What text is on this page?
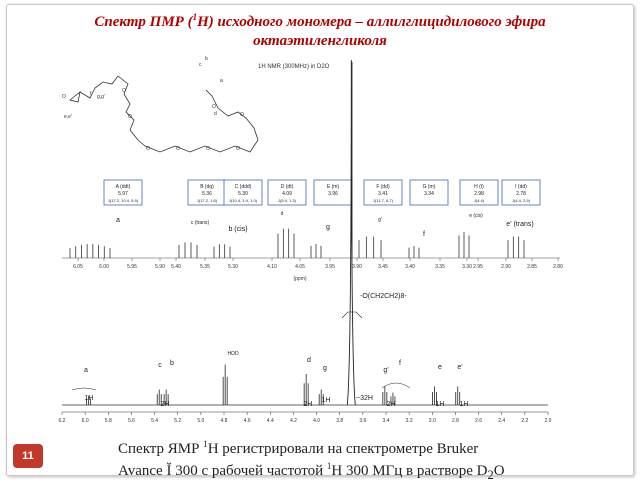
Спектр ПМР ($^1$Н) исходного мономера – аллилглицидилового эфира
октаэтиленгликоля
1H NMR (300MHz) in D2O
O	f g,g'
e,e'
b
c
a
d
O	O	O	O
O
O
O
O
A (ddt)
5.97
J(17.2, 10.4, 5.9)
B (dq)
5.36
J(17.2, 1.6)
C (ddd)
5.30
J(10.4, 1.9, 1.0)
D (dt)
4.09
J(5.9, 1.3)
E (m)
3.96
F (dd)
3.41
J(11.7, 6.7)
G (m)
3.34
H (t)
2.98
J(4.4)
I (dd)
2.78
J(4.4, 2.9)
6.05	6.00	5.95	5.90 5.40	5.35	5.30	4.10	4.05	3.95	3.90	3.45	3.40	3.35	3.30 2.95	2.90	2.85	2.80
(ppm)
a	c (trans)
b (cis)
d
g
g'
f
e (cis)
e' (trans)
6.2	6.0	5.8	5.6	5.4	5.2	5.0	4.8	4.6	4.4	4.2	4.0	3.8	3.6	3.4	3.2	3.0	2.8	2.6	2.4	2.2	2.0
a
c b	d
g	g'
f
e e'
HOD
-O(CH2CH2)8-
~32H
1H
2H	2H
1H
2H	1H 1H
11	Спектр ЯМР $^1$Н регистрировали на спектрометре Bruker
Avance Ĭ 300 с рабочей частотой $^1$Н 300 МГц в растворе $D_2O$
